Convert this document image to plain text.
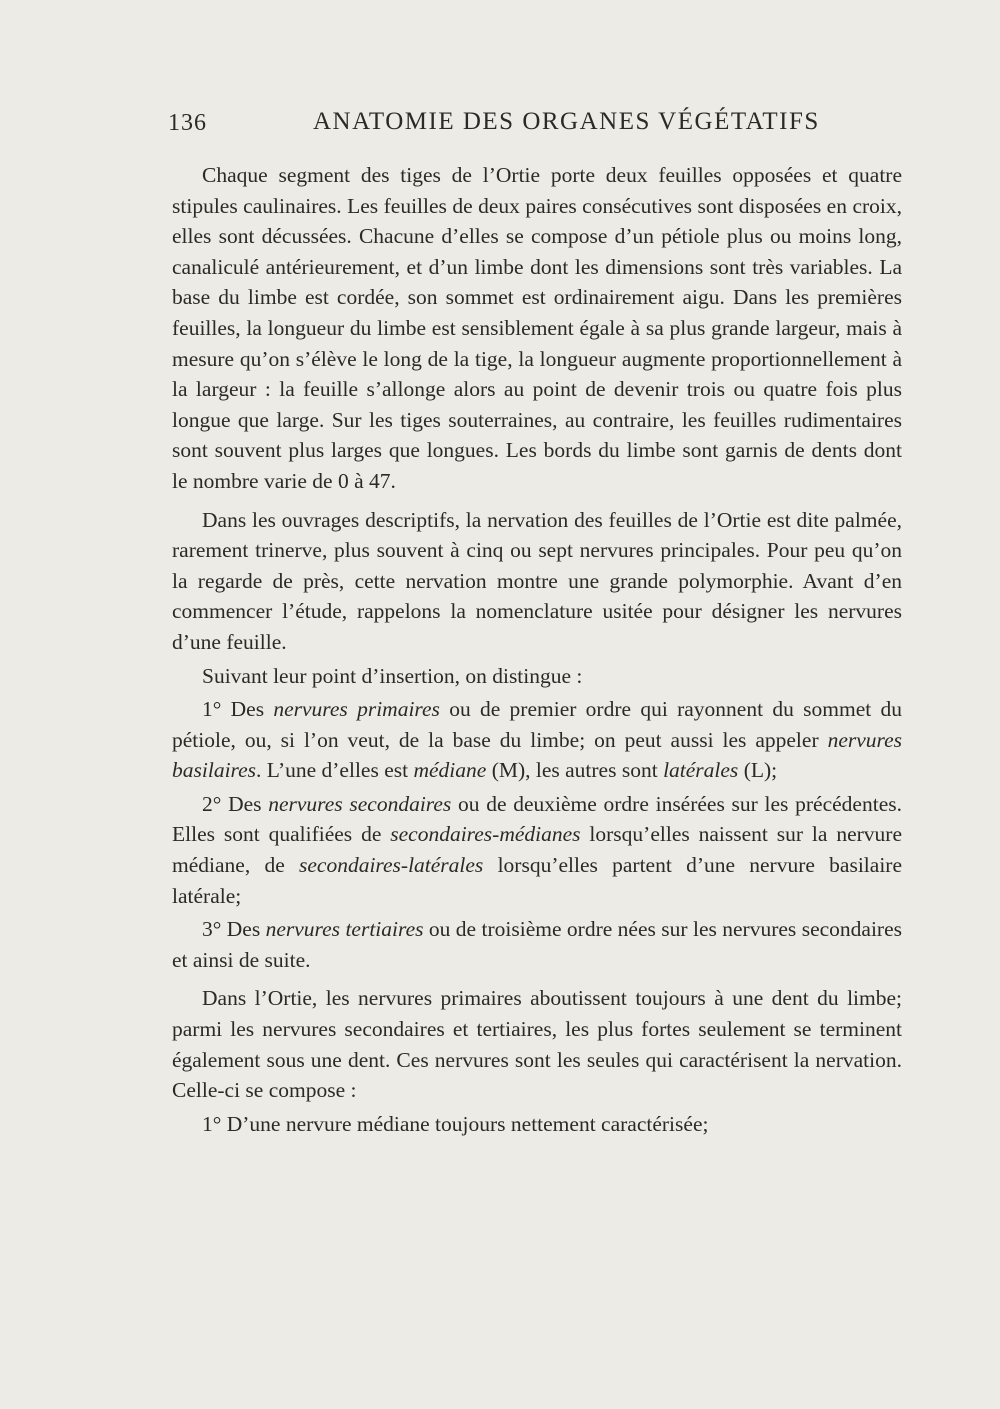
136	ANATOMIE DES ORGANES VÉGÉTATIFS

Chaque segment des tiges de l’Ortie porte deux feuilles opposées et quatre stipules caulinaires. Les feuilles de deux paires consécutives sont disposées en croix, elles sont décussées. Chacune d’elles se compose d’un pétiole plus ou moins long, canaliculé antérieurement, et d’un limbe dont les dimensions sont très variables. La base du limbe est cordée, son sommet est ordinairement aigu. Dans les premières feuilles, la longueur du limbe est sensiblement égale à sa plus grande largeur, mais à mesure qu’on s’élève le long de la tige, la longueur augmente proportionnellement à la largeur : la feuille s’allonge alors au point de devenir trois ou quatre fois plus longue que large. Sur les tiges souterraines, au contraire, les feuilles rudimentaires sont souvent plus larges que longues. Les bords du limbe sont garnis de dents dont le nombre varie de 0 à 47.

Dans les ouvrages descriptifs, la nervation des feuilles de l’Ortie est dite palmée, rarement trinerve, plus souvent à cinq ou sept nervures principales. Pour peu qu’on la regarde de près, cette nervation montre une grande polymorphie. Avant d’en commencer l’étude, rappelons la nomenclature usitée pour désigner les nervures d’une feuille.

Suivant leur point d’insertion, on distingue :

1° Des nervures primaires ou de premier ordre qui rayonnent du sommet du pétiole, ou, si l’on veut, de la base du limbe; on peut aussi les appeler nervures basilaires. L’une d’elles est médiane (M), les autres sont latérales (L);

2° Des nervures secondaires ou de deuxième ordre insérées sur les précédentes. Elles sont qualifiées de secondaires-médianes lorsqu’elles naissent sur la nervure médiane, de secondaires-latérales lorsqu’elles partent d’une nervure basilaire latérale;

3° Des nervures tertiaires ou de troisième ordre nées sur les nervures secondaires et ainsi de suite.

Dans l’Ortie, les nervures primaires aboutissent toujours à une dent du limbe; parmi les nervures secondaires et tertiaires, les plus fortes seulement se terminent également sous une dent. Ces nervures sont les seules qui caractérisent la nervation. Celle-ci se compose :

1° D’une nervure médiane toujours nettement caractérisée;
